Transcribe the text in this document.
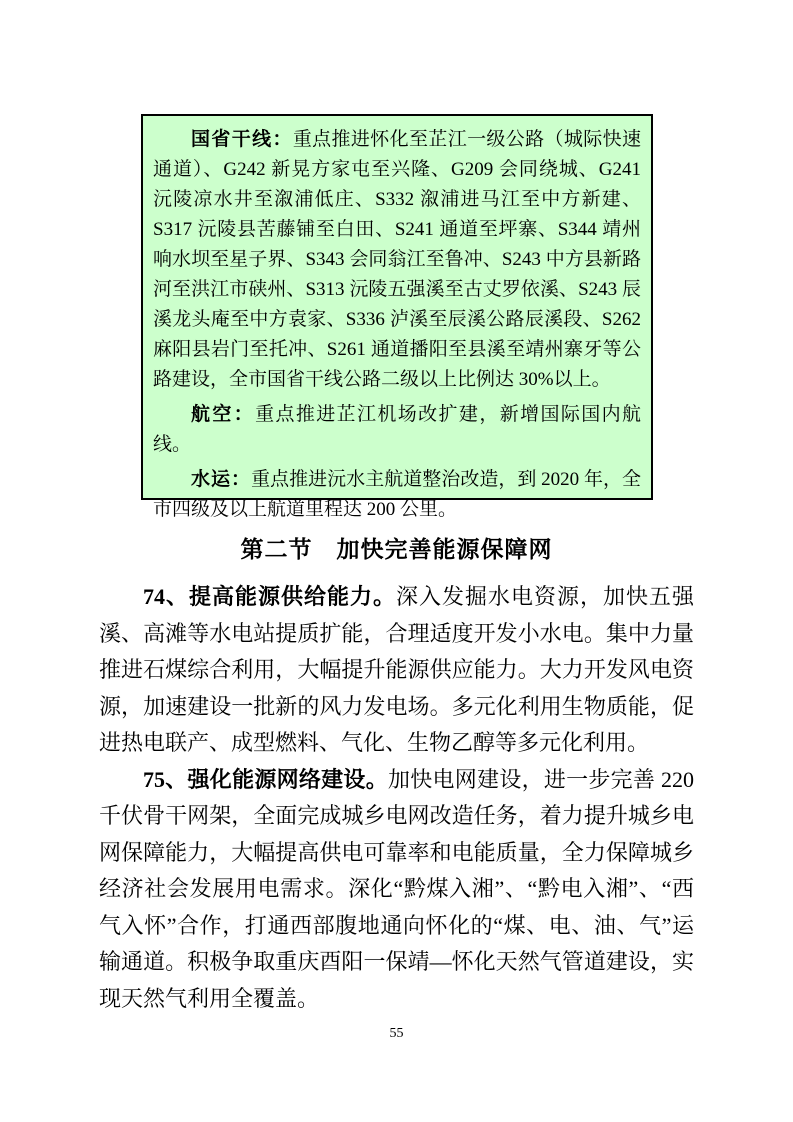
国省干线：重点推进怀化至芷江一级公路（城际快速通道）、G242 新晃方家屯至兴隆、G209 会同绕城、G241 沅陵凉水井至溆浦低庄、S332 溆浦进马江至中方新建、S317 沅陵县苦藤铺至白田、S241 通道至坪寨、S344 靖州响水坝至星子界、S343 会同翁江至鲁冲、S243 中方县新路河至洪江市硖州、S313 沅陵五强溪至古丈罗依溪、S243 辰溪龙头庵至中方袁家、S336 泸溪至辰溪公路辰溪段、S262 麻阳县岩门至托冲、S261 通道播阳至县溪至靖州寨牙等公路建设，全市国省干线公路二级以上比例达 30%以上。

航空：重点推进芷江机场改扩建，新增国际国内航线。

水运：重点推进沅水主航道整治改造，到 2020 年，全市四级及以上航道里程达 200 公里。

第二节　加快完善能源保障网

74、提高能源供给能力。深入发掘水电资源，加快五强溪、高滩等水电站提质扩能，合理适度开发小水电。集中力量推进石煤综合利用，大幅提升能源供应能力。大力开发风电资源，加速建设一批新的风力发电场。多元化利用生物质能，促进热电联产、成型燃料、气化、生物乙醇等多元化利用。

75、强化能源网络建设。加快电网建设，进一步完善 220 千伏骨干网架，全面完成城乡电网改造任务，着力提升城乡电网保障能力，大幅提高供电可靠率和电能质量，全力保障城乡经济社会发展用电需求。深化“黔煤入湘”、“黔电入湘”、“西气入怀”合作，打通西部腹地通向怀化的“煤、电、油、气”运输通道。积极争取重庆酉阳一保靖—怀化天然气管道建设，实现天然气利用全覆盖。

55
